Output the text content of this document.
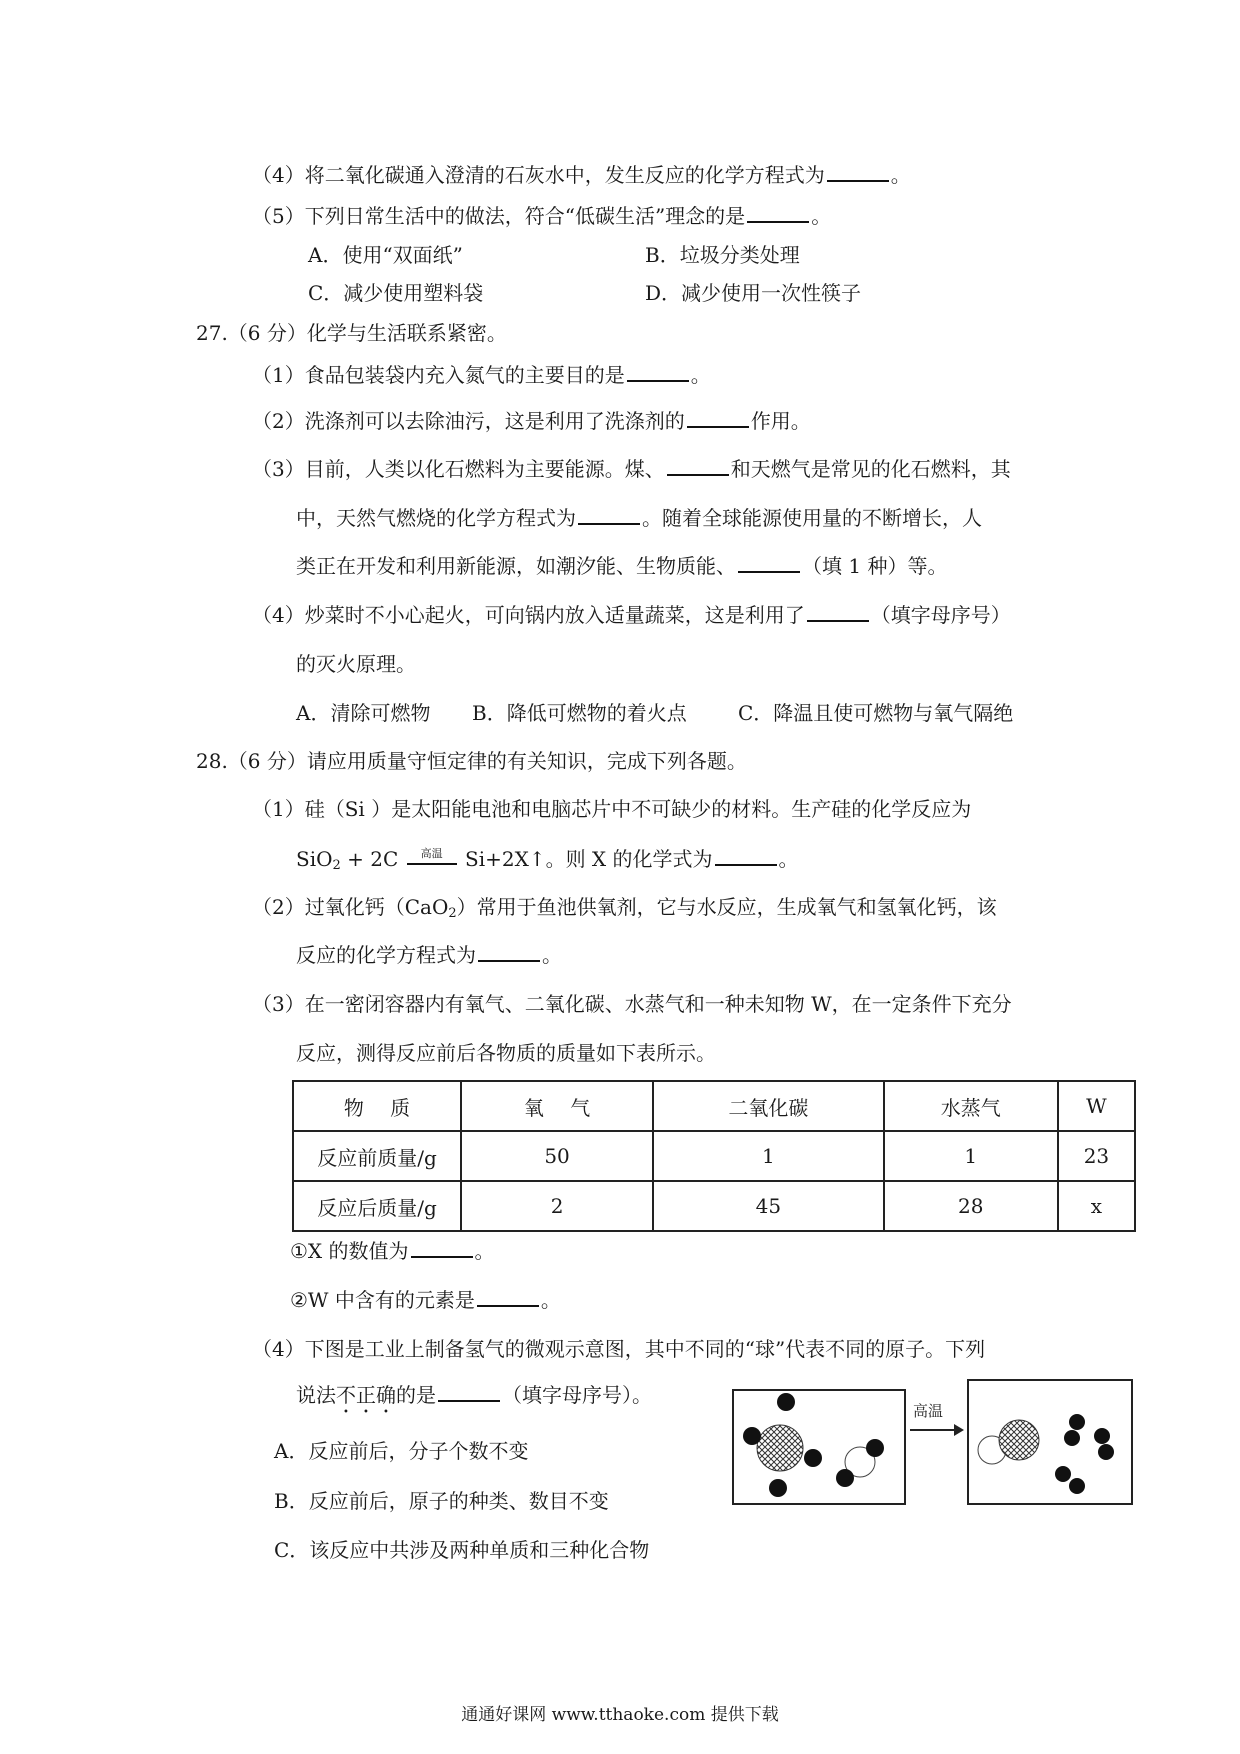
（4）将二氧化碳通入澄清的石灰水中，发生反应的化学方程式为	。
（5）下列日常生活中的做法，符合“低碳生活”理念的是	。
A．使用“双面纸”	B．垃圾分类处理
C．减少使用塑料袋	D．减少使用一次性筷子
27.（6 分）化学与生活联系紧密。
（1）食品包装袋内充入氮气的主要目的是	。
（2）洗涤剂可以去除油污，这是利用了洗涤剂的	作用。
（3）目前，人类以化石燃料为主要能源。煤、	和天燃气是常见的化石燃料，其
中，天然气燃烧的化学方程式为	。随着全球能源使用量的不断增长，人
类正在开发和利用新能源，如潮汐能、生物质能、	（填 1 种）等。
（4）炒菜时不小心起火，可向锅内放入适量蔬菜，这是利用了	（填字母序号）
的灭火原理。
A．清除可燃物 B．降低可燃物的着火点	C．降温且使可燃物与氧气隔绝
28.（6 分）请应用质量守恒定律的有关知识，完成下列各题。
（1）硅（Si ）是太阳能电池和电脑芯片中不可缺少的材料。生产硅的化学反应为
SiO$_2$ + 2C	高温 Si+2X↑。则 X 的化学式为	。
（2）过氧化钙（CaO$_2$）常用于鱼池供氧剂，它与水反应，生成氧气和氢氧化钙，该
反应的化学方程式为	。
（3）在一密闭容器内有氧气、二氧化碳、水蒸气和一种未知物 W，在一定条件下充分
反应，测得反应前后各物质的质量如下表所示。
物　 质	氧　 气	二氧化碳	水蒸气	W
反应前质量/g	50	1	1	23
反应后质量/g	2	45	28	x
①X 的数值为	。
②W 中含有的元素是	。
（4）下图是工业上制备氢气的微观示意图，其中不同的“球”代表不同的原子。下列
说法不正确的是	（填字母序号）。
A．反应前后，分子个数不变
B．反应前后，原子的种类、数目不变
C．该反应中共涉及两种单质和三种化合物
高温
通通好课网 www.tthaoke.com 提供下载
